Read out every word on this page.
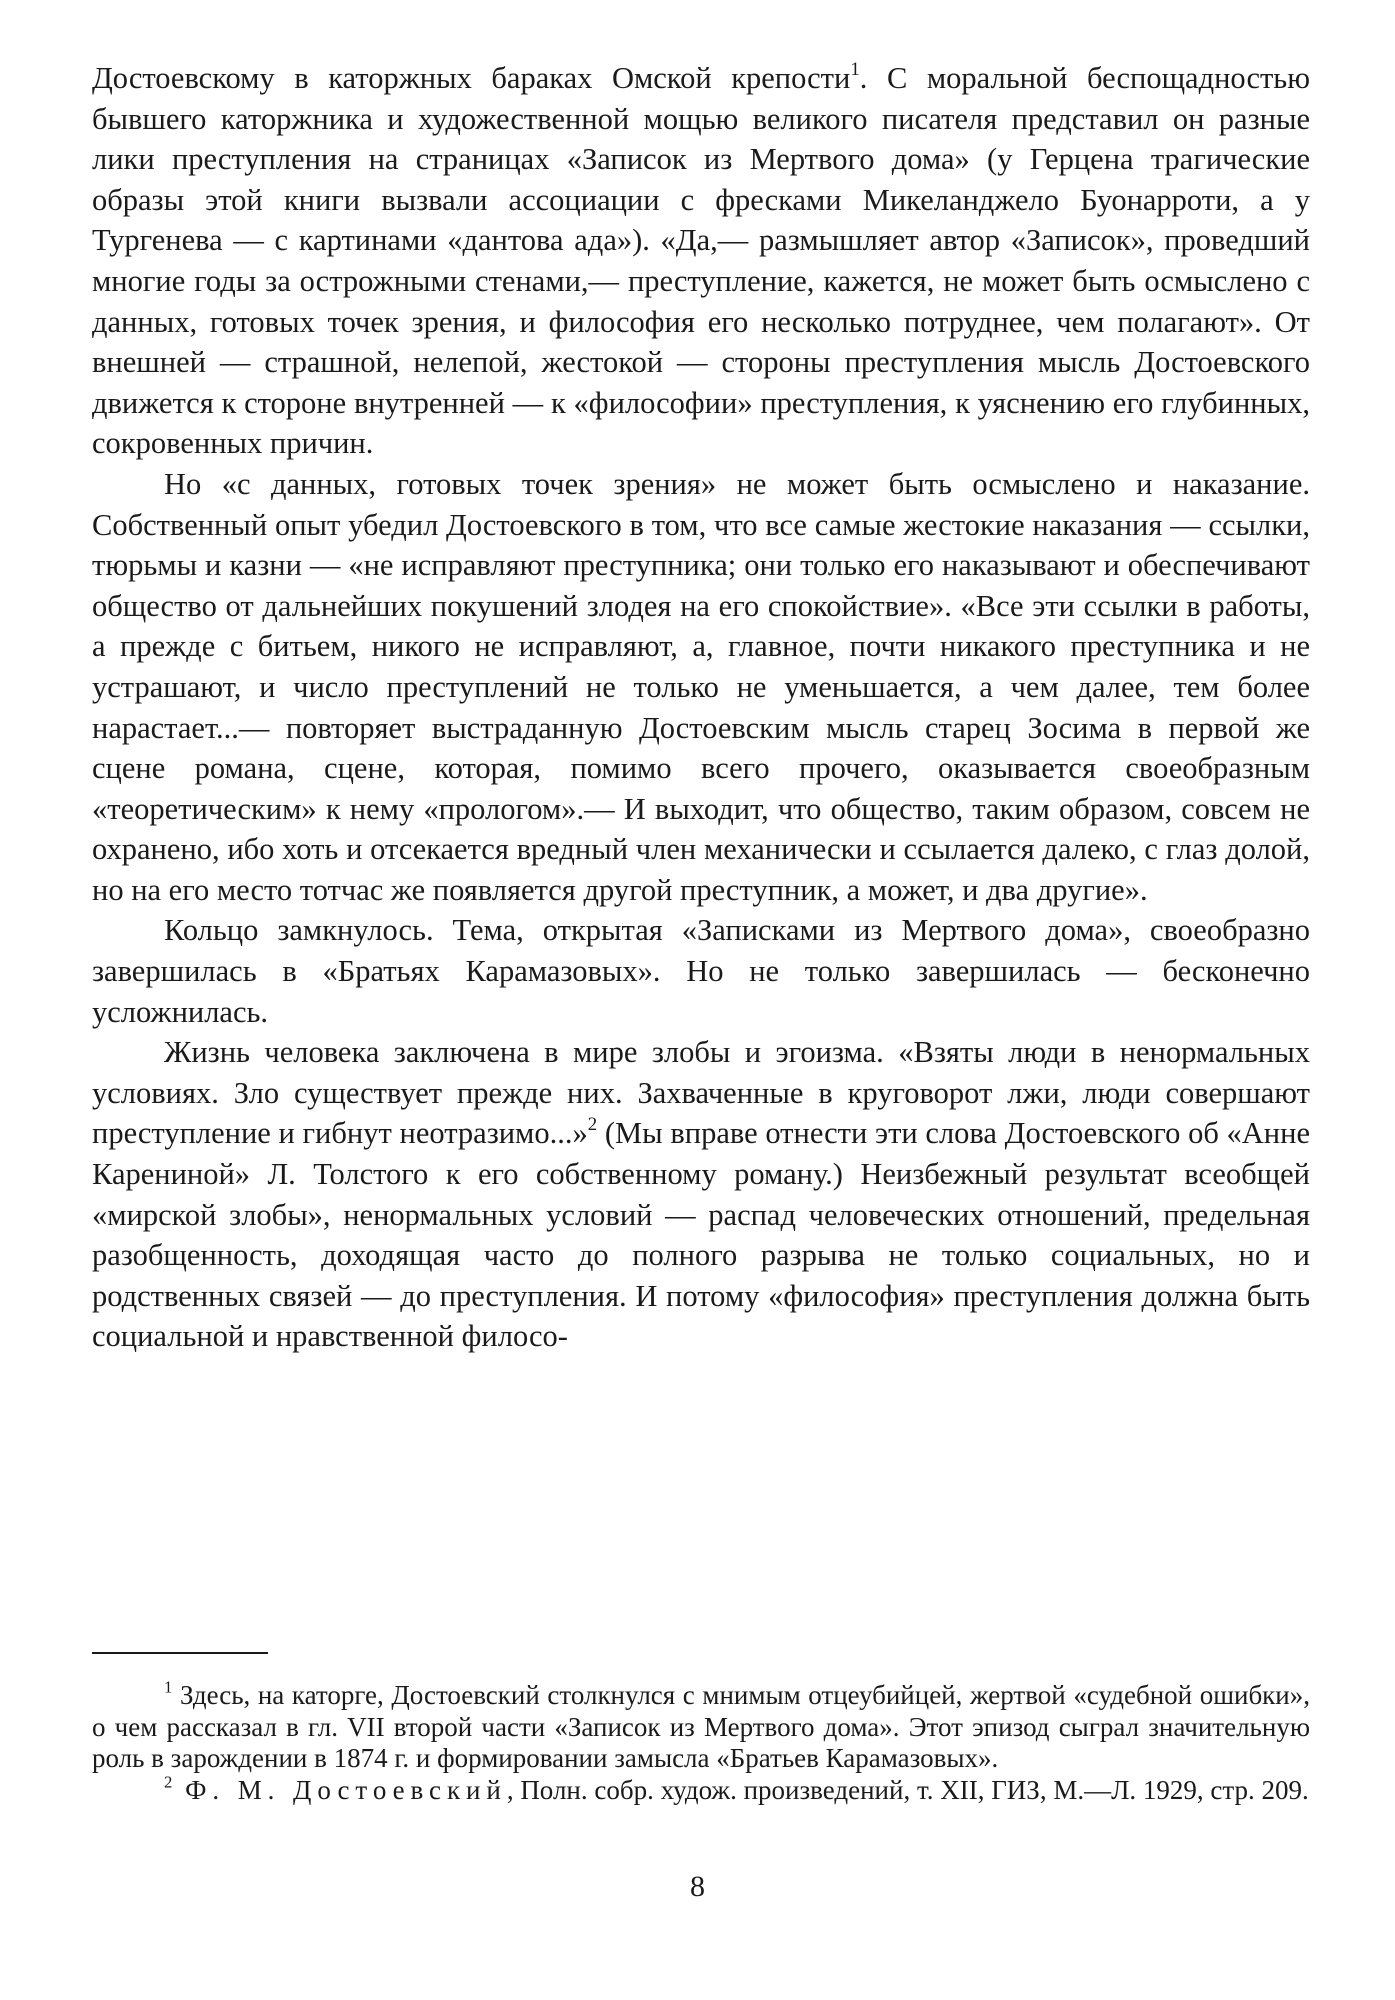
Достоевскому в каторжных бараках Омской крепости$^1$. С моральной беспощадностью бывшего каторжника и художественной мощью великого писателя представил он разные лики преступления на страницах «Записок из Мертвого дома» (у Герцена трагические образы этой книги вызвали ассоциации с фресками Микеланджело Буонарроти, а у Тургенева — с картинами «дантова ада»). «Да,— размышляет автор «Записок», проведший многие годы за острожными стенами,— преступление, кажется, не может быть осмыслено с данных, готовых точек зрения, и философия его несколько потруднее, чем полагают». От внешней — страшной, нелепой, жестокой — стороны преступления мысль Достоевского движется к стороне внутренней — к «философии» преступления, к уяснению его глубинных, сокровенных причин.

Но «с данных, готовых точек зрения» не может быть осмыслено и наказание. Собственный опыт убедил Достоевского в том, что все самые жестокие наказания — ссылки, тюрьмы и казни — «не исправляют преступника; они только его наказывают и обеспечивают общество от дальнейших покушений злодея на его спокойствие». «Все эти ссылки в работы, а прежде с битьем, никого не исправляют, а, главное, почти никакого преступника и не устрашают, и число преступлений не только не уменьшается, а чем далее, тем более нарастает...— повторяет выстраданную Достоевским мысль старец Зосима в первой же сцене романа, сцене, которая, помимо всего прочего, оказывается своеобразным «теоретическим» к нему «прологом».— И выходит, что общество, таким образом, совсем не охранено, ибо хоть и отсекается вредный член механически и ссылается далеко, с глаз долой, но на его место тотчас же появляется другой преступник, а может, и два другие».

Кольцо замкнулось. Тема, открытая «Записками из Мертвого дома», своеобразно завершилась в «Братьях Карамазовых». Но не только завершилась — бесконечно усложнилась.

Жизнь человека заключена в мире злобы и эгоизма. «Взяты люди в ненормальных условиях. Зло существует прежде них. Захваченные в круговорот лжи, люди совершают преступление и гибнут неотразимо...»$^2$ (Мы вправе отнести эти слова Достоевского об «Анне Карениной» Л. Толстого к его собственному роману.) Неизбежный результат всеобщей «мирской злобы», ненормальных условий — распад человеческих отношений, предельная разобщенность, доходящая часто до полного разрыва не только социальных, но и родственных связей — до преступления. И потому «философия» преступления должна быть социальной и нравственной филосо-

$^1$ Здесь, на каторге, Достоевский столкнулся с мнимым отцеубийцей, жертвой «судебной ошибки», о чем рассказал в гл. VII второй части «Записок из Мертвого дома». Этот эпизод сыграл значительную роль в зарождении в 1874 г. и формировании замысла «Братьев Карамазовых».

$^2$ Ф. М. Достоевский, Полн. собр. худож. произведений, т. XII, ГИЗ, М.—Л. 1929, стр. 209.

8
